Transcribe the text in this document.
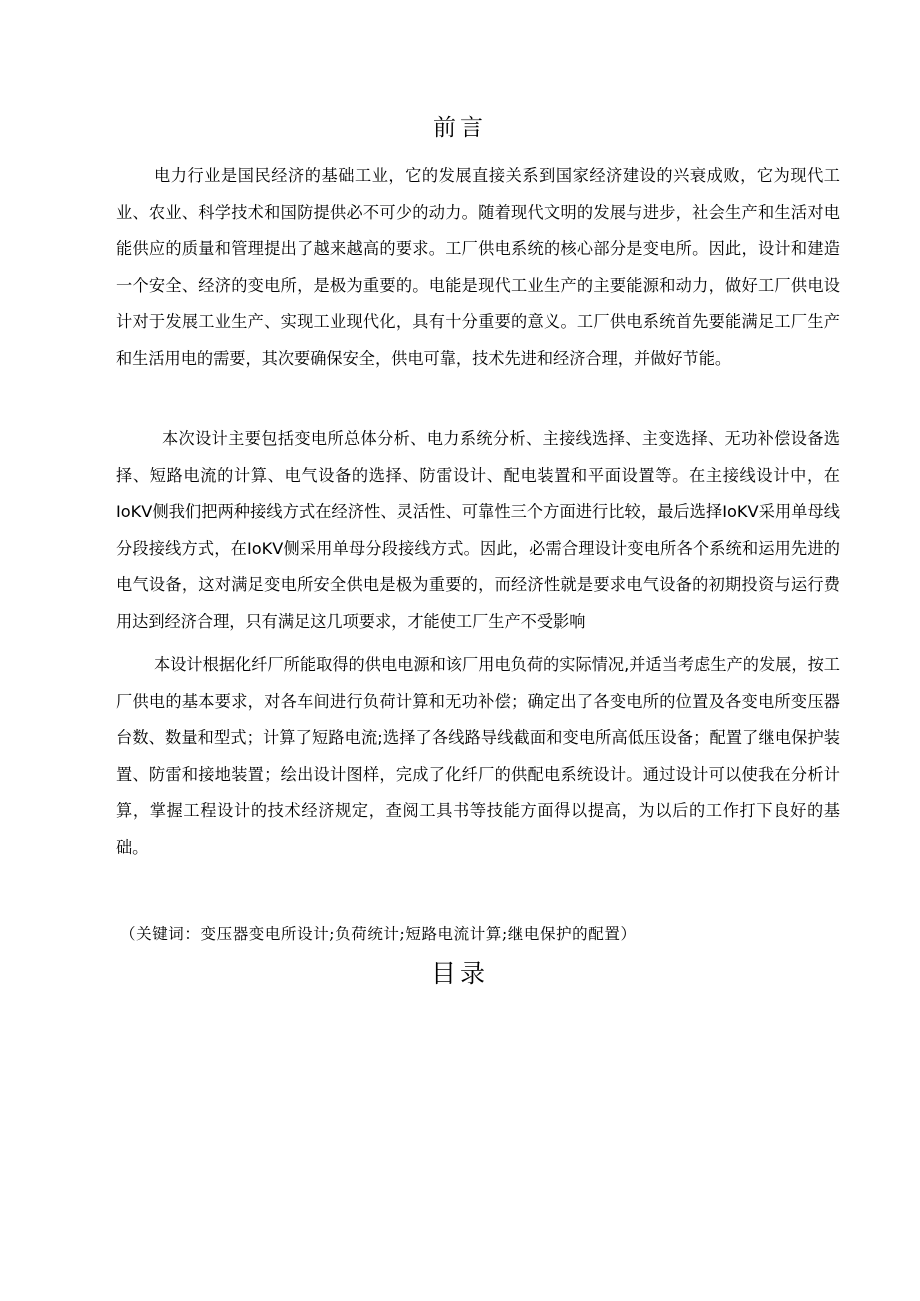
前言

电力行业是国民经济的基础工业，它的发展直接关系到国家经济建设的兴衰成败，它为现代工业、农业、科学技术和国防提供必不可少的动力。随着现代文明的发展与进步，社会生产和生活对电能供应的质量和管理提出了越来越高的要求。工厂供电系统的核心部分是变电所。因此，设计和建造一个安全、经济的变电所，是极为重要的。电能是现代工业生产的主要能源和动力，做好工厂供电设计对于发展工业生产、实现工业现代化，具有十分重要的意义。工厂供电系统首先要能满足工厂生产和生活用电的需要，其次要确保安全，供电可靠，技术先进和经济合理，并做好节能。

本次设计主要包括变电所总体分析、电力系统分析、主接线选择、主变选择、无功补偿设备选择、短路电流的计算、电气设备的选择、防雷设计、配电装置和平面设置等。在主接线设计中，在IoKV侧我们把两种接线方式在经济性、灵活性、可靠性三个方面进行比较，最后选择IoKV采用单母线分段接线方式，在IoKV侧采用单母分段接线方式。因此，必需合理设计变电所各个系统和运用先进的电气设备，这对满足变电所安全供电是极为重要的，而经济性就是要求电气设备的初期投资与运行费用达到经济合理，只有满足这几项要求，才能使工厂生产不受影响

本设计根据化纤厂所能取得的供电电源和该厂用电负荷的实际情况,并适当考虑生产的发展，按工厂供电的基本要求，对各车间进行负荷计算和无功补偿；确定出了各变电所的位置及各变电所变压器台数、数量和型式；计算了短路电流;选择了各线路导线截面和变电所高低压设备；配置了继电保护装置、防雷和接地装置；绘出设计图样，完成了化纤厂的供配电系统设计。通过设计可以使我在分析计算，掌握工程设计的技术经济规定，查阅工具书等技能方面得以提高，为以后的工作打下良好的基础。

（关键词：变压器变电所设计;负荷统计;短路电流计算;继电保护的配置）

目录
